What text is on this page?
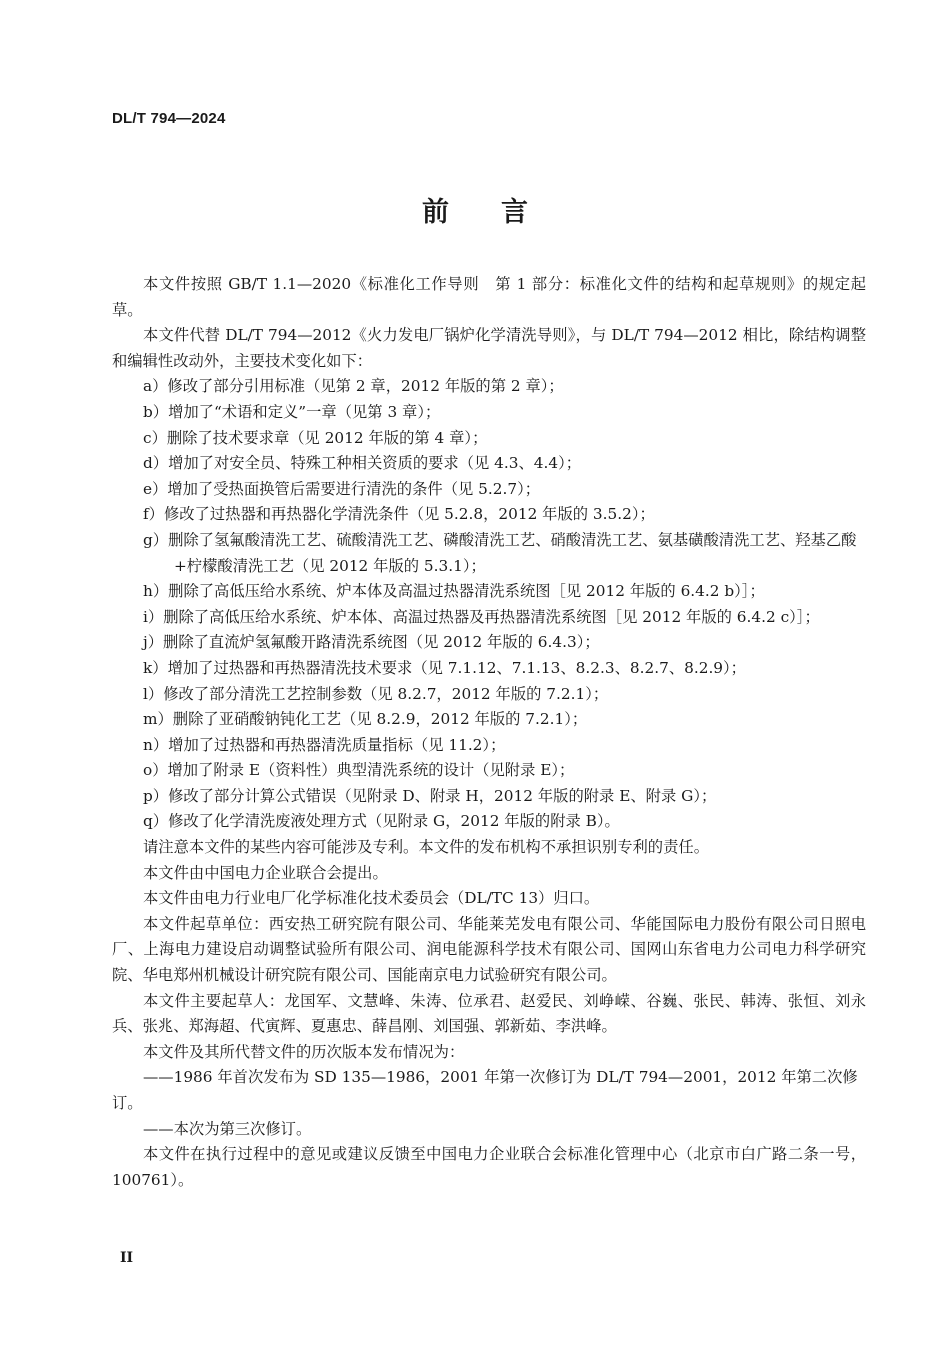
DL/T 794—2024
前言

本文件按照 GB/T 1.1—2020《标准化工作导则　第 1 部分：标准化文件的结构和起草规则》的规定起草。

本文件代替 DL/T 794—2012《火力发电厂锅炉化学清洗导则》，与 DL/T 794—2012 相比，除结构调整和编辑性改动外，主要技术变化如下：

a）修改了部分引用标准（见第 2 章，2012 年版的第 2 章）；

b）增加了“术语和定义”一章（见第 3 章）；

c）删除了技术要求章（见 2012 年版的第 4 章）；

d）增加了对安全员、特殊工种相关资质的要求（见 4.3、4.4）；

e）增加了受热面换管后需要进行清洗的条件（见 5.2.7）；

f）修改了过热器和再热器化学清洗条件（见 5.2.8，2012 年版的 3.5.2）；

g）删除了氢氟酸清洗工艺、硫酸清洗工艺、磷酸清洗工艺、硝酸清洗工艺、氨基磺酸清洗工艺、羟基乙酸+柠檬酸清洗工艺（见 2012 年版的 5.3.1）；

h）删除了高低压给水系统、炉本体及高温过热器清洗系统图［见 2012 年版的 6.4.2 b）］；

i）删除了高低压给水系统、炉本体、高温过热器及再热器清洗系统图［见 2012 年版的 6.4.2 c）］；

j）删除了直流炉氢氟酸开路清洗系统图（见 2012 年版的 6.4.3）；

k）增加了过热器和再热器清洗技术要求（见 7.1.12、7.1.13、8.2.3、8.2.7、8.2.9）；

l）修改了部分清洗工艺控制参数（见 8.2.7，2012 年版的 7.2.1）；

m）删除了亚硝酸钠钝化工艺（见 8.2.9，2012 年版的 7.2.1）；

n）增加了过热器和再热器清洗质量指标（见 11.2）；

o）增加了附录 E（资料性）典型清洗系统的设计（见附录 E）；

p）修改了部分计算公式错误（见附录 D、附录 H，2012 年版的附录 E、附录 G）；

q）修改了化学清洗废液处理方式（见附录 G，2012 年版的附录 B）。

请注意本文件的某些内容可能涉及专利。本文件的发布机构不承担识别专利的责任。

本文件由中国电力企业联合会提出。

本文件由电力行业电厂化学标准化技术委员会（DL/TC 13）归口。

本文件起草单位：西安热工研究院有限公司、华能莱芜发电有限公司、华能国际电力股份有限公司日照电厂、上海电力建设启动调整试验所有限公司、润电能源科学技术有限公司、国网山东省电力公司电力科学研究院、华电郑州机械设计研究院有限公司、国能南京电力试验研究有限公司。

本文件主要起草人：龙国军、文慧峰、朱涛、位承君、赵爱民、刘峥嵘、谷巍、张民、韩涛、张恒、刘永兵、张兆、郑海超、代寅辉、夏惠忠、薛昌刚、刘国强、郭新茹、李洪峰。

本文件及其所代替文件的历次版本发布情况为：

——1986 年首次发布为 SD 135—1986，2001 年第一次修订为 DL/T 794—2001，2012 年第二次修订。

——本次为第三次修订。

本文件在执行过程中的意见或建议反馈至中国电力企业联合会标准化管理中心（北京市白广路二条一号，100761）。

II
